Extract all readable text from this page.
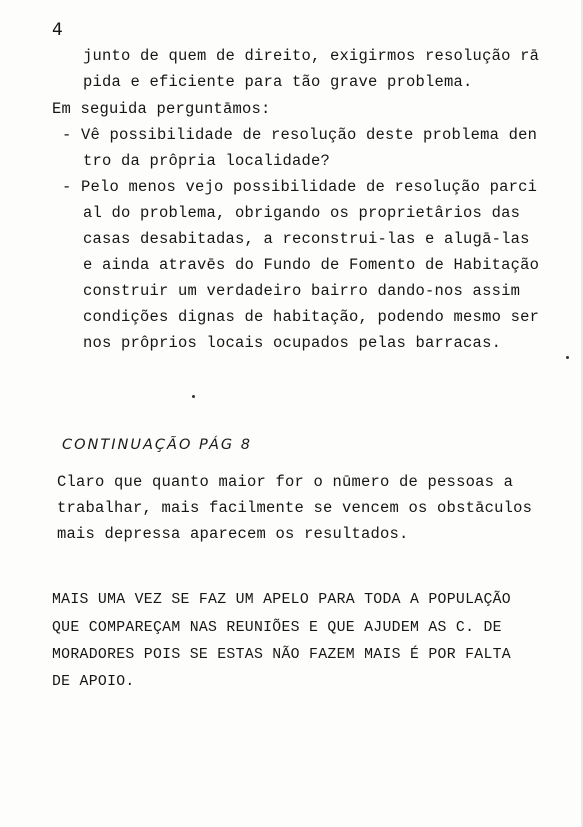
4
junto de quem de direito, exigirmos resolução rā
pida e eficiente para tão grave problema.
Em seguida perguntāmos:
- Vê possibilidade de resolução deste problema den
tro da prôpria localidade?
- Pelo menos vejo possibilidade de resolução parci
al do problema, obrigando os proprietârios das
casas desabitadas, a reconstrui-las e alugā-las
e ainda atravēs do Fundo de Fomento de Habitação
construir um verdadeiro bairro dando-nos assim
condições dignas de habitação, podendo mesmo ser
nos prôprios locais ocupados pelas barracas.
CONTINUAÇÃO PÁG 8
Claro que quanto maior for o nūmero de pessoas a
trabalhar, mais facilmente se vencem os obstāculos
mais depressa aparecem os resultados.
MAIS UMA VEZ SE FAZ UM APELO PARA TODA A POPULAÇÃO
QUE COMPAREÇAM NAS REUNIÕES E QUE AJUDEM AS C. DE
MORADORES POIS SE ESTAS NÃO FAZEM MAIS É POR FALTA
DE APOIO.
